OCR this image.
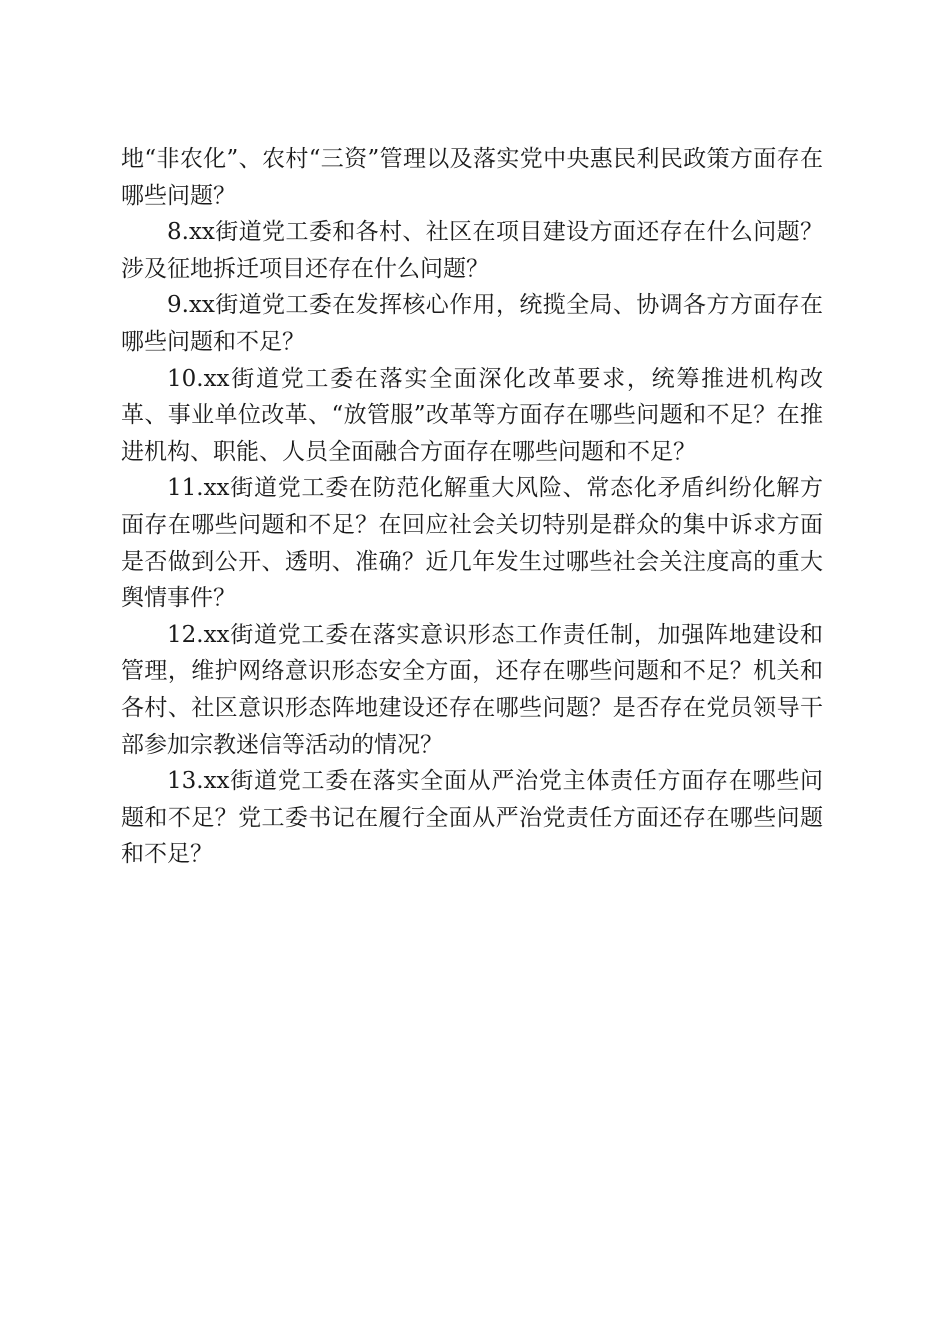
地“非农化”、农村“三资”管理以及落实党中央惠民利民政策方面存在哪些问题？

8.xx街道党工委和各村、社区在项目建设方面还存在什么问题？涉及征地拆迁项目还存在什么问题？

9.xx街道党工委在发挥核心作用，统揽全局、协调各方方面存在哪些问题和不足？

10.xx街道党工委在落实全面深化改革要求，统筹推进机构改革、事业单位改革、“放管服”改革等方面存在哪些问题和不足？在推进机构、职能、人员全面融合方面存在哪些问题和不足？

11.xx街道党工委在防范化解重大风险、常态化矛盾纠纷化解方面存在哪些问题和不足？在回应社会关切特别是群众的集中诉求方面是否做到公开、透明、准确？近几年发生过哪些社会关注度高的重大舆情事件？

12.xx街道党工委在落实意识形态工作责任制，加强阵地建设和管理，维护网络意识形态安全方面，还存在哪些问题和不足？机关和各村、社区意识形态阵地建设还存在哪些问题？是否存在党员领导干部参加宗教迷信等活动的情况？

13.xx街道党工委在落实全面从严治党主体责任方面存在哪些问题和不足？党工委书记在履行全面从严治党责任方面还存在哪些问题和不足？
